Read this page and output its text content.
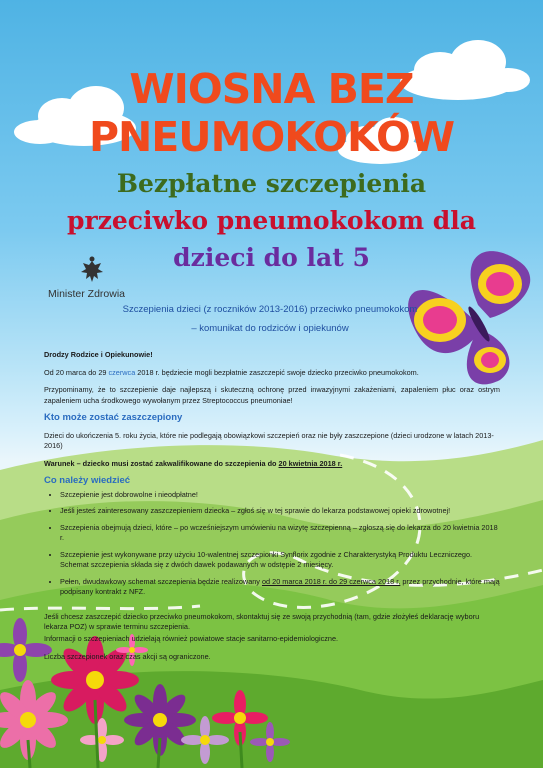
WIOSNA BEZ
PNEUMOKOKÓW
Bezpłatne szczepienia
przeciwko pneumokokom dla
dzieci do lat 5
Minister Zdrowia
Szczepienia dzieci (z roczników 2013-2016) przeciwko pneumokokom
– komunikat do rodziców i opiekunów

Drodzy Rodzice i Opiekunowie!

Od 20 marca do 29 czerwca 2018 r. będziecie mogli bezpłatnie zaszczepić swoje dziecko przeciwko pneumokokom.

Przypominamy, że to szczepienie daje najlepszą i skuteczną ochronę przed inwazyjnymi zakażeniami, zapaleniem płuc oraz ostrym zapaleniem ucha środkowego wywołanym przez Streptococcus pneumoniae!

Kto może zostać zaszczepiony

Dzieci do ukończenia 5. roku życia, które nie podlegają obowiązkowi szczepień oraz nie były zaszczepione (dzieci urodzone w latach 2013-2016)

Warunek – dziecko musi zostać zakwalifikowane do szczepienia do 20 kwietnia 2018 r.

Co należy wiedzieć

• Szczepienie jest dobrowolne i nieodpłatne!
• Jeśli jesteś zainteresowany zaszczepieniem dziecka – zgłoś się w tej sprawie do lekarza podstawowej opieki zdrowotnej!
• Szczepienia obejmują dzieci, które – po wcześniejszym umówieniu na wizytę szczepienną – zgłoszą się do lekarza do 20 kwietnia 2018 r.
• Szczepienie jest wykonywane przy użyciu 10-walentnej szczepionki Synflorix zgodnie z Charakterystyką Produktu Leczniczego. Schemat szczepienia składa się z dwóch dawek podawanych w odstępie 2 miesięcy.
• Pełen, dwudawkowy schemat szczepienia będzie realizowany od 20 marca 2018 r. do 29 czerwca 2018 r. przez przychodnie, które mają podpisany kontrakt z NFZ.

Jeśli chcesz zaszczepić dziecko przeciwko pneumokokom, skontaktuj się ze swoją przychodnią (tam, gdzie złożyłeś deklarację wyboru lekarza POZ) w sprawie terminu szczepienia.

Informacji o szczepieniach udzielają również powiatowe stacje sanitarno-epidemiologiczne.

Liczba szczepionek oraz czas akcji są ograniczone.
